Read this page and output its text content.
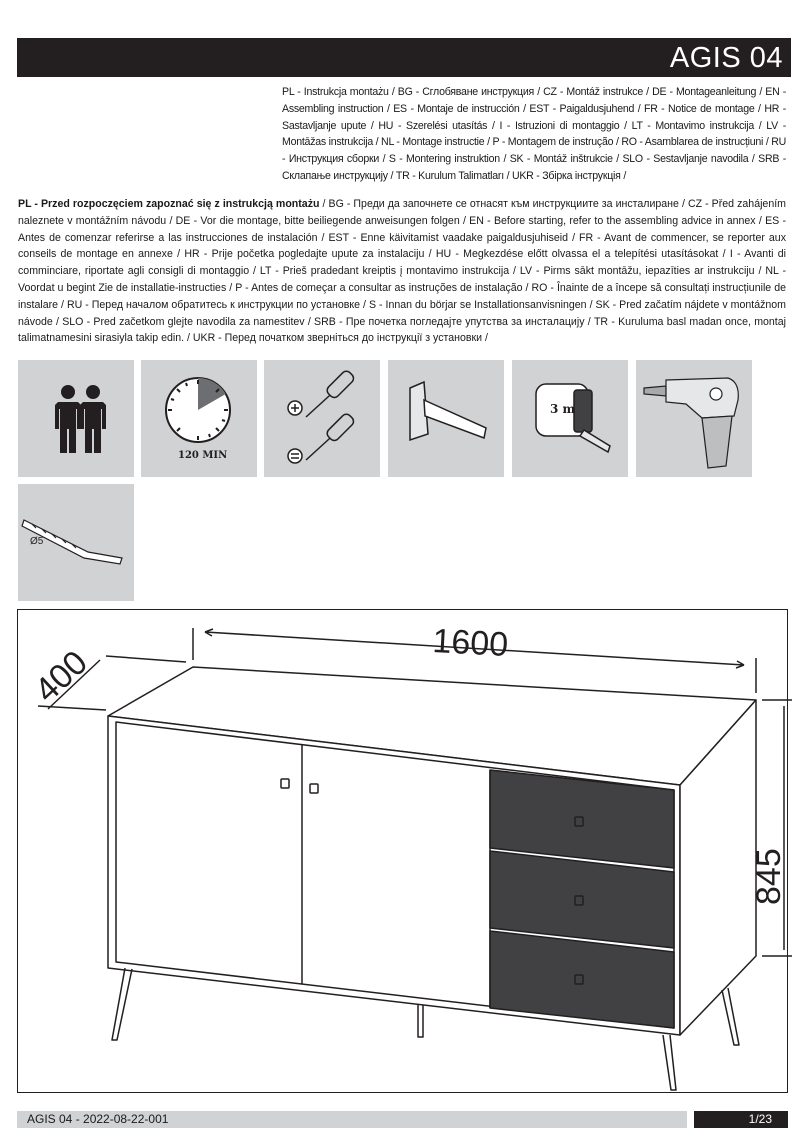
AGIS 04
PL - Instrukcja montażu / BG - Сглобяване инструкция / CZ - Montáž instrukce / DE - Montageanleitung / EN - Assembling instruction / ES - Montaje de instrucción / EST - Paigaldusjuhend / FR - Notice de montage / HR - Sastavljanje upute / HU - Szerelési utasítás / I - Istruzioni di montaggio / LT - Montavimo instrukcija / LV - Montāžas instrukcija / NL - Montage instructie / P - Montagem de instrução / RO - Asamblarea de instrucțiuni / RU - Инструкция сборки / S - Montering instruktion / SK - Montáž inštrukcie / SLO - Sestavljanje navodila / SRB - Склапање инструкцију / TR - Kurulum Talimatları / UKR - Збірка інструкція /
PL - Przed rozpoczęciem zapoznać się z instrukcją montażu / BG - Преди да започнете се отнасят към инструкциите за инсталиране / CZ - Před zahájením naleznete v montážním návodu / DE - Vor die montage, bitte beiliegende anweisungen folgen / EN - Before starting, refer to the assembling advice in annex / ES - Antes de comenzar referirse a las instrucciones de instalación / EST - Enne käivitamist vaadake paigaldusjuhiseid / FR - Avant de commencer, se reporter aux conseils de montage en annexe / HR - Prije početka pogledajte upute za instalaciju / HU - Megkezdése előtt olvassa el a telepítési utasításokat / I - Avanti di comminciare, riportate agli consigli di montaggio / LT - Prieš pradedant kreiptis į montavimo instrukcija / LV - Pirms sākt montāžu, iepazīties ar instrukciju / NL - Voordat u begint Zie de installatie-instructies / P - Antes de começar a consultar as instruções de instalação / RO - Înainte de a începe să consultați instrucțiunile de instalare / RU - Перед началом обратитесь к инструкции по установке / S - Innan du börjar se Installationsanvisningen / SK - Pred začatím nájdete v montážnom návode / SLO - Pred začetkom glejte navodila za namestitev / SRB - Пре почетка погледајте упутства за инсталацију / TR - Kuruluma basl madan once, montaj talimatnamesini sirasiyla takip edin. / UKR - Перед початком зверніться до інструкції з установки /
120 MIN
3 m
Ø5
1600
400
845
AGIS 04 - 2022-08-22-001	1/23
